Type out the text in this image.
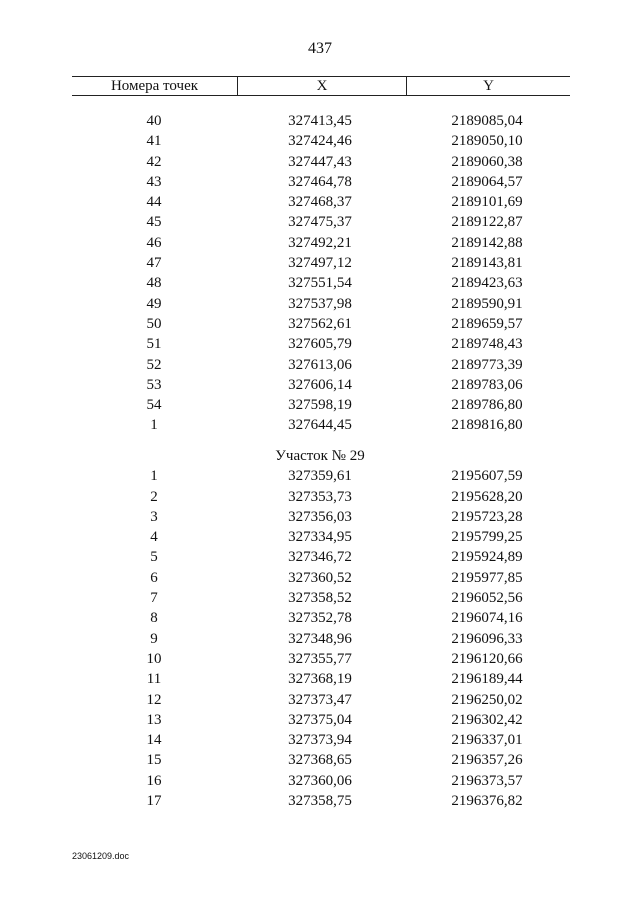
437
Номера точек	X	Y
40	327413,45	2189085,04
41	327424,46	2189050,10
42	327447,43	2189060,38
43	327464,78	2189064,57
44	327468,37	2189101,69
45	327475,37	2189122,87
46	327492,21	2189142,88
47	327497,12	2189143,81
48	327551,54	2189423,63
49	327537,98	2189590,91
50	327562,61	2189659,57
51	327605,79	2189748,43
52	327613,06	2189773,39
53	327606,14	2189783,06
54	327598,19	2189786,80
1	327644,45	2189816,80
Участок № 29
1	327359,61	2195607,59
2	327353,73	2195628,20
3	327356,03	2195723,28
4	327334,95	2195799,25
5	327346,72	2195924,89
6	327360,52	2195977,85
7	327358,52	2196052,56
8	327352,78	2196074,16
9	327348,96	2196096,33
10	327355,77	2196120,66
11	327368,19	2196189,44
12	327373,47	2196250,02
13	327375,04	2196302,42
14	327373,94	2196337,01
15	327368,65	2196357,26
16	327360,06	2196373,57
17	327358,75	2196376,82
23061209.doc
